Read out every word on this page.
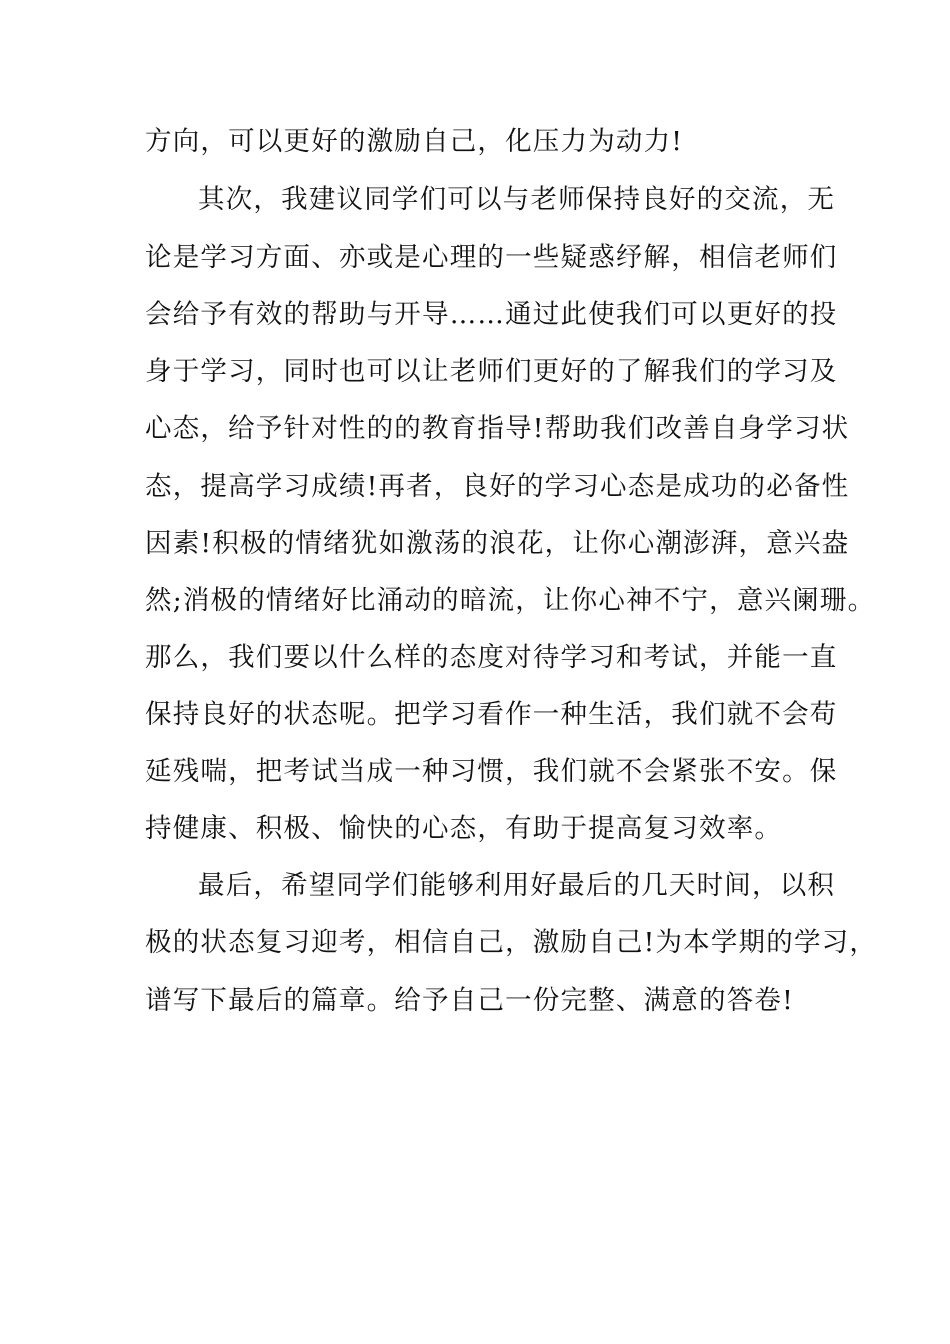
方向，可以更好的激励自己，化压力为动力!

其次，我建议同学们可以与老师保持良好的交流，无

论是学习方面、亦或是心理的一些疑惑纾解，相信老师们

会给予有效的帮助与开导……通过此使我们可以更好的投

身于学习，同时也可以让老师们更好的了解我们的学习及

心态，给予针对性的的教育指导!帮助我们改善自身学习状

态，提高学习成绩!再者，良好的学习心态是成功的必备性

因素!积极的情绪犹如激荡的浪花，让你心潮澎湃，意兴盎

然;消极的情绪好比涌动的暗流，让你心神不宁，意兴阑珊。

那么，我们要以什么样的态度对待学习和考试，并能一直

保持良好的状态呢。把学习看作一种生活，我们就不会苟

延残喘，把考试当成一种习惯，我们就不会紧张不安。保

持健康、积极、愉快的心态，有助于提高复习效率。

最后，希望同学们能够利用好最后的几天时间，以积

极的状态复习迎考，相信自己，激励自己!为本学期的学习，

谱写下最后的篇章。给予自己一份完整、满意的答卷!
